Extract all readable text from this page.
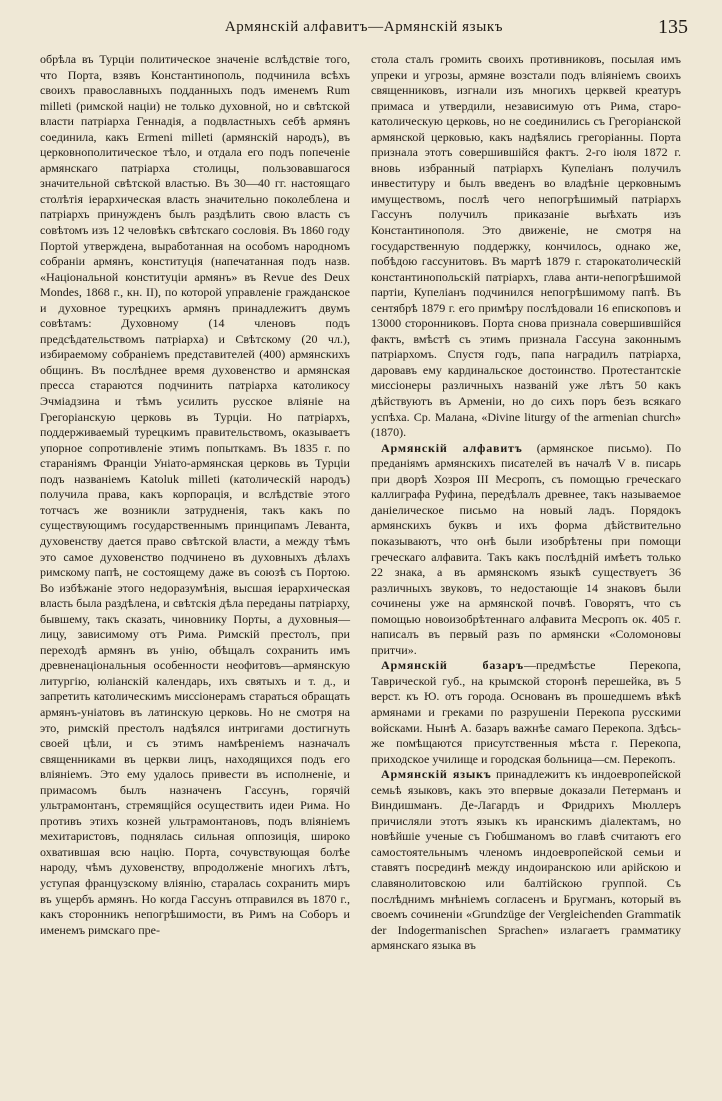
Армянскій алфавитъ—Армянскій языкъ	135

обрѣла въ Турціи политическое значеніе вслѣдствіе того, что Порта, взявъ Константинополь, подчинила всѣхъ своихъ православныхъ подданныхъ подъ именемъ Rum milleti (римской націи) не только духовной, но и свѣтской власти патріарха Геннадія, а подвластныхъ себѣ армянъ соединила, какъ Ermeni milleti (армянскій народъ), въ церковнополитическое тѣло, и отдала его подъ попеченіе армянскаго патріарха столицы, пользовавшагося значительной свѣтской властью. Въ 30—40 гг. настоящаго столѣтія іерархическая власть значительно поколеблена и патріархъ принужденъ былъ раздѣлить свою власть съ совѣтомъ изъ 12 человѣкъ свѣтскаго сословія. Въ 1860 году Портой утверждена, выработанная на особомъ народномъ собраніи армянъ, конституція (напечатанная подъ назв. «Національной конституціи армянъ» въ Revue des Deux Mondes, 1868 г., кн. II), по которой управленіе гражданское и духовное турецкихъ армянъ принадлежитъ двумъ совѣтамъ: Духовному (14 членовъ подъ предсѣдательствомъ патріарха) и Свѣтскому (20 чл.), избираемому собраніемъ представителей (400) армянскихъ общинъ. Въ послѣднее время духовенство и армянская пресса стараются подчинить патріарха католикосу Эчміадзина и тѣмъ усилить русское вліяніе на Грегоріанскую церковь въ Турціи. Но патріархъ, поддерживаемый турецкимъ правительствомъ, оказываетъ упорное сопротивленіе этимъ попыткамъ. Въ 1835 г. по стараніямъ Франціи Уніато-армянская церковь въ Турціи подъ названіемъ Katoluk milleti (католическій народъ) получила права, какъ корпорація, и вслѣдствіе этого тотчасъ же возникли затрудненія, такъ какъ по существующимъ государственнымъ принципамъ Леванта, духовенству дается право свѣтской власти, а между тѣмъ это самое духовенство подчинено въ духовныхъ дѣлахъ римскому папѣ, не состоящему даже въ союзѣ съ Портою. Во избѣжаніе этого недоразумѣнія, высшая іерархическая власть была раздѣлена, и свѣтскія дѣла переданы патріарху, бывшему, такъ сказать, чиновнику Порты, а духовныя—лицу, зависимому отъ Рима. Римскій престолъ, при переходѣ армянъ въ унію, обѣщалъ сохранить имъ древненаціональныя особенности неофитовъ—армянскую литургію, юліанскій календарь, ихъ святыхъ и т. д., и запретить католическимъ миссіонерамъ стараться обращать армянъ-уніатовъ въ латинскую церковь. Но не смотря на это, римскій престолъ надѣялся интригами достигнуть своей цѣли, и съ этимъ намѣреніемъ назначалъ священниками въ церкви лицъ, находящихся подъ его вліяніемъ. Это ему удалось привести въ исполненіе, и примасомъ былъ назначенъ Гассунъ, горячій ультрамонтанъ, стремящійся осуществить идеи Рима. Но противъ этихъ козней ультрамонтановъ, подъ вліяніемъ мехитаристовъ, поднялась сильная оппозиція, широко охватившая всю націю. Порта, сочувствующая болѣе народу, чѣмъ духовенству, впродолженіе многихъ лѣтъ, уступая французскому вліянію, старалась сохранить миръ въ ущербъ армянъ. Но когда Гассунъ отправился въ 1870 г., какъ сторонникъ непогрѣшимости, въ Римъ на Соборъ и именемъ римскаго пре-

стола сталъ громить своихъ противниковъ, посылая имъ упреки и угрозы, армяне возстали подъ вліяніемъ своихъ священниковъ, изгнали изъ многихъ церквей креатуръ примаса и утвердили, независимую отъ Рима, старо-католическую церковь, но не соединились съ Грегоріанской армянской церковью, какъ надѣялись грегоріанны. Порта признала этотъ совершившійся фактъ. 2-го іюля 1872 г. вновь избранный патріархъ Купеліанъ получилъ инвеституру и былъ введенъ во владѣніе церковнымъ имуществомъ, послѣ чего непогрѣшимый патріархъ Гассунъ получилъ приказаніе выѣхать изъ Константинополя. Это движеніе, не смотря на государственную поддержку, кончилось, однако же, побѣдою гассунитовъ. Въ мартѣ 1879 г. старокатолическій константинопольскій патріархъ, глава анти-непогрѣшимой партіи, Купеліанъ подчинился непогрѣшимому папѣ. Въ сентябрѣ 1879 г. его примѣру послѣдовали 16 епископовъ и 13000 сторонниковъ. Порта снова признала совершившійся фактъ, вмѣстѣ съ этимъ признала Гассуна законнымъ патріархомъ. Спустя годъ, папа наградилъ патріарха, даровавъ ему кардинальское достоинство. Протестантскіе миссіонеры различныхъ названій уже лѣтъ 50 какъ дѣйствуютъ въ Арменіи, но до сихъ поръ безъ всякаго успѣха. Ср. Малана, «Divine liturgy of the armenian church» (1870).

Армянскій алфавитъ (армянское письмо). По преданіямъ армянскихъ писателей въ началѣ V в. писарь при дворѣ Хозроя III Месропъ, съ помощью греческаго каллиграфа Руфина, передѣлалъ древнее, такъ называемое даніелическое письмо на новый ладъ. Порядокъ армянскихъ буквъ и ихъ форма дѣйствительно показываютъ, что онѣ были изобрѣтены при помощи греческаго алфавита. Такъ какъ послѣдній имѣетъ только 22 знака, а въ армянскомъ языкѣ существуетъ 36 различныхъ звуковъ, то недостающіе 14 знаковъ были сочинены уже на армянской почвѣ. Говорятъ, что съ помощью новоизобрѣтеннаго алфавита Месропъ ок. 405 г. написалъ въ первый разъ по армянски «Соломоновы притчи».

Армянскій базаръ—предмѣстье Перекопа, Таврической губ., на крымской сторонѣ перешейка, въ 5 верст. къ Ю. отъ города. Основанъ въ прошедшемъ вѣкѣ армянами и греками по разрушеніи Перекопа русскими войсками. Нынѣ А. базаръ важнѣе самаго Перекопа. Здѣсь-же помѣщаются присутственныя мѣста г. Перекопа, приходское училище и городская больница—см. Перекопъ.

Армянскій языкъ принадлежитъ къ индоевропейской семьѣ языковъ, какъ это впервые доказали Петерманъ и Виндишманъ. Де-Лагардъ и Фридрихъ Мюллеръ причисляли этотъ языкъ къ иранскимъ діалектамъ, но новѣйшіе ученые съ Гюбшманомъ во главѣ считаютъ его самостоятельнымъ членомъ индоевропейской семьи и ставятъ посрединѣ между индоиранскою или арійскою и славянолитовскою или балтійскою группой. Съ послѣднимъ мнѣніемъ согласенъ и Бругманъ, который въ своемъ сочиненіи «Grundzüge der Vergleichenden Grammatik der Indogermanischen Sprachen» излагаетъ грамматику армянскаго языка въ
